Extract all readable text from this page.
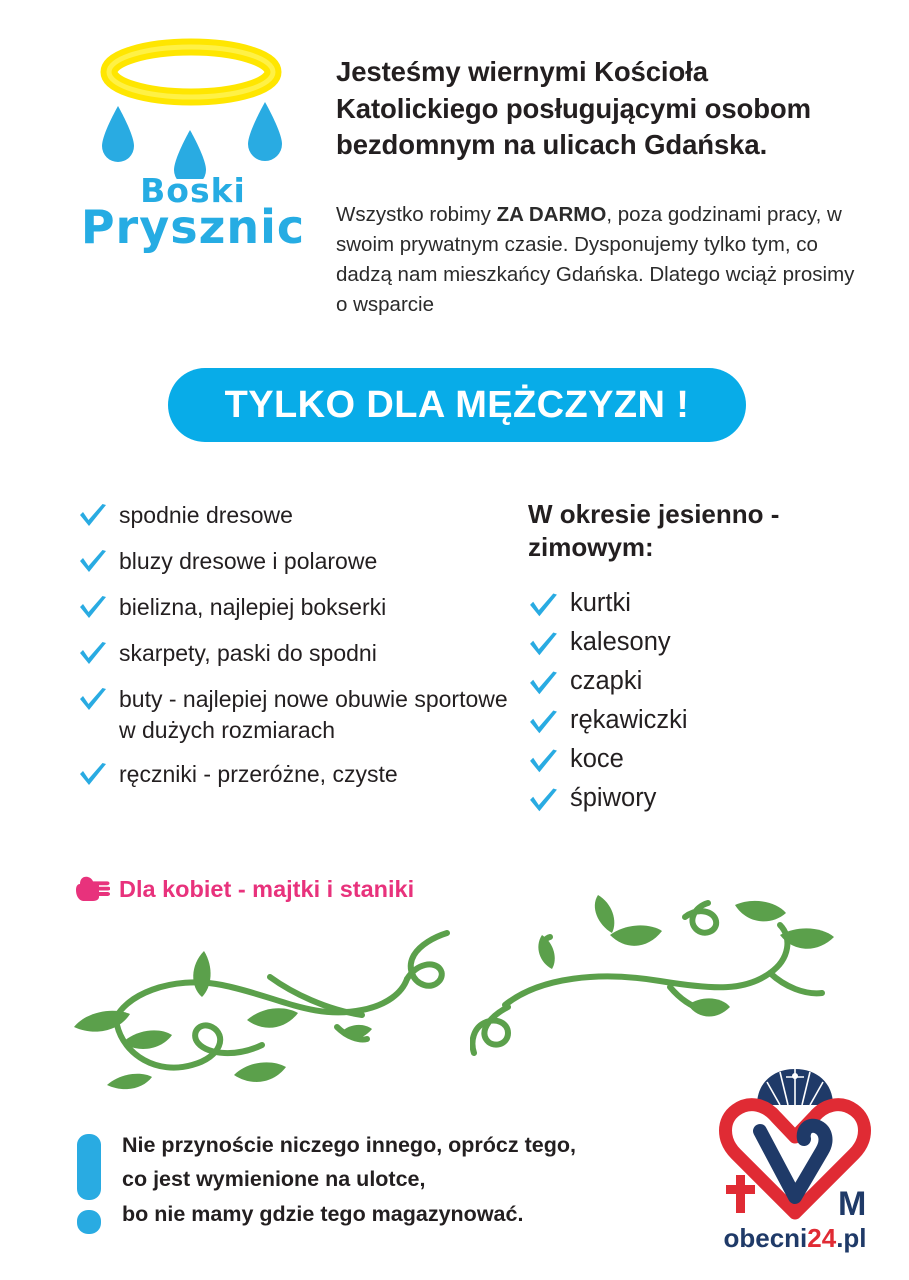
Boski
Prysznic
Jesteśmy wiernymi Kościoła Katolickiego posługującymi osobom bezdomnym na ulicach Gdańska.
Wszystko robimy ZA DARMO, poza godzinami pracy, w swoim prywatnym czasie. Dysponujemy tylko tym, co dadzą nam mieszkańcy Gdańska. Dlatego wciąż prosimy o wsparcie
TYLKO DLA MĘŻCZYZN !
spodnie dresowe
bluzy dresowe i polarowe
bielizna, najlepiej bokserki
skarpety, paski do spodni
buty - najlepiej nowe obuwie sportowe w dużych rozmiarach
ręczniki - przeróżne, czyste
W okresie jesienno - zimowym:
kurtki
kalesony
czapki
rękawiczki
koce
śpiwory
Dla kobiet - majtki i staniki
Nie przynoście niczego innego, oprócz tego,
co jest wymienione na ulotce,
bo nie mamy gdzie tego magazynować.	M
obecni24.pl
